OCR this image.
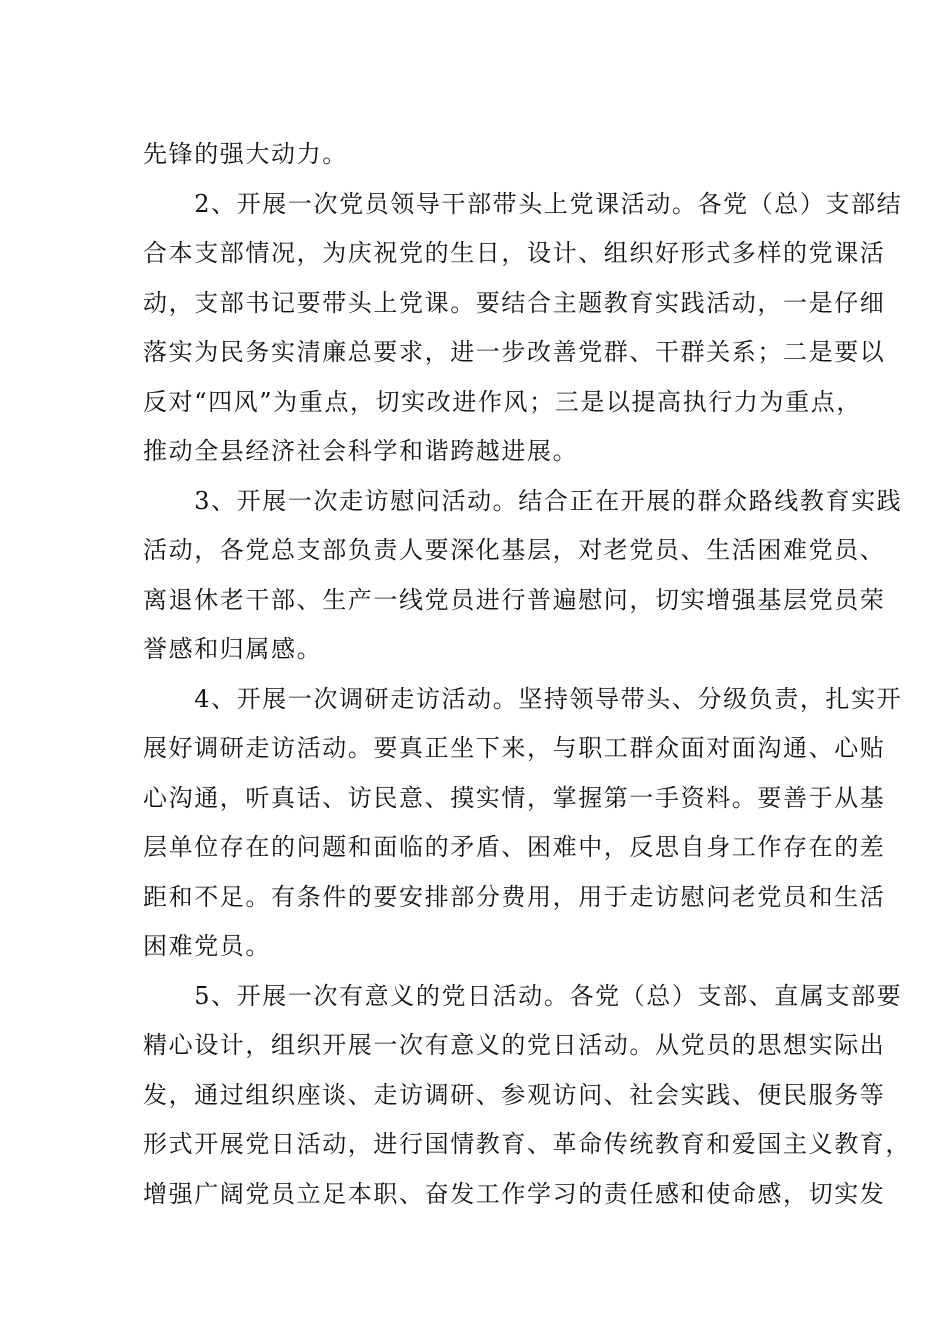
先锋的强大动力。

　　2、开展一次党员领导干部带头上党课活动。各党（总）支部结

合本支部情况，为庆祝党的生日，设计、组织好形式多样的党课活

动，支部书记要带头上党课。要结合主题教育实践活动，一是仔细

落实为民务实清廉总要求，进一步改善党群、干群关系；二是要以

反对“四风”为重点，切实改进作风；三是以提高执行力为重点，

推动全县经济社会科学和谐跨越进展。

　　3、开展一次走访慰问活动。结合正在开展的群众路线教育实践

活动，各党总支部负责人要深化基层，对老党员、生活困难党员、

离退休老干部、生产一线党员进行普遍慰问，切实增强基层党员荣

誉感和归属感。

　　4、开展一次调研走访活动。坚持领导带头、分级负责，扎实开

展好调研走访活动。要真正坐下来，与职工群众面对面沟通、心贴

心沟通，听真话、访民意、摸实情，掌握第一手资料。要善于从基

层单位存在的问题和面临的矛盾、困难中，反思自身工作存在的差

距和不足。有条件的要安排部分费用，用于走访慰问老党员和生活

困难党员。

　　5、开展一次有意义的党日活动。各党（总）支部、直属支部要

精心设计，组织开展一次有意义的党日活动。从党员的思想实际出

发，通过组织座谈、走访调研、参观访问、社会实践、便民服务等

形式开展党日活动，进行国情教育、革命传统教育和爱国主义教育，

增强广阔党员立足本职、奋发工作学习的责任感和使命感，切实发
